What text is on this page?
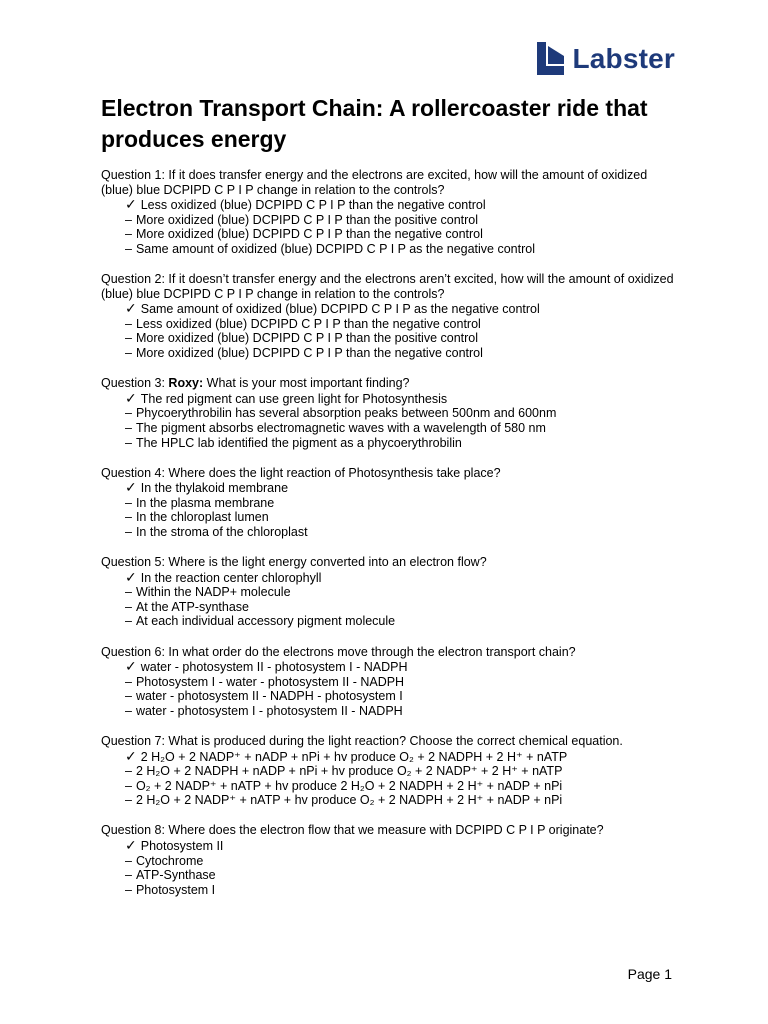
Labster
Electron Transport Chain: A rollercoaster ride that produces energy
Question 1: If it does transfer energy and the electrons are excited, how will the amount of oxidized (blue) blue DCPIPD C P I P change in relation to the controls?
✓ Less oxidized (blue) DCPIPD C P I P than the negative control
– More oxidized (blue) DCPIPD C P I P than the positive control
– More oxidized (blue) DCPIPD C P I P than the negative control
– Same amount of oxidized (blue) DCPIPD C P I P as the negative control
Question 2: If it doesn’t transfer energy and the electrons aren’t excited, how will the amount of oxidized (blue) blue DCPIPD C P I P change in relation to the controls?
✓ Same amount of oxidized (blue) DCPIPD C P I P as the negative control
– Less oxidized (blue) DCPIPD C P I P than the negative control
– More oxidized (blue) DCPIPD C P I P than the positive control
– More oxidized (blue) DCPIPD C P I P than the negative control
Question 3: Roxy: What is your most important finding?
✓ The red pigment can use green light for Photosynthesis
– Phycoerythrobilin has several absorption peaks between 500nm and 600nm
– The pigment absorbs electromagnetic waves with a wavelength of 580 nm
– The HPLC lab identified the pigment as a phycoerythrobilin
Question 4: Where does the light reaction of Photosynthesis take place?
✓ In the thylakoid membrane
– In the plasma membrane
– In the chloroplast lumen
– In the stroma of the chloroplast
Question 5: Where is the light energy converted into an electron flow?
✓ In the reaction center chlorophyll
– Within the NADP+ molecule
– At the ATP-synthase
– At each individual accessory pigment molecule
Question 6: In what order do the electrons move through the electron transport chain?
✓ water - photosystem II - photosystem I - NADPH
– Photosystem I - water - photosystem II - NADPH
– water - photosystem II - NADPH - photosystem I
– water - photosystem I - photosystem II - NADPH
Question 7: What is produced during the light reaction? Choose the correct chemical equation.
✓ 2 H₂O + 2 NADP⁺ + nADP + nPi + hv produce O₂ + 2 NADPH + 2 H⁺ + nATP
– 2 H₂O + 2 NADPH + nADP + nPi + hv produce O₂ + 2 NADP⁺ + 2 H⁺ + nATP
– O₂ + 2 NADP⁺ + nATP + hv produce 2 H₂O + 2 NADPH + 2 H⁺ + nADP + nPi
– 2 H₂O + 2 NADP⁺ + nATP + hv produce O₂ + 2 NADPH + 2 H⁺ + nADP + nPi
Question 8: Where does the electron flow that we measure with DCPIPD C P I P originate?
✓ Photosystem II
– Cytochrome
– ATP-Synthase
– Photosystem I
Page 1
